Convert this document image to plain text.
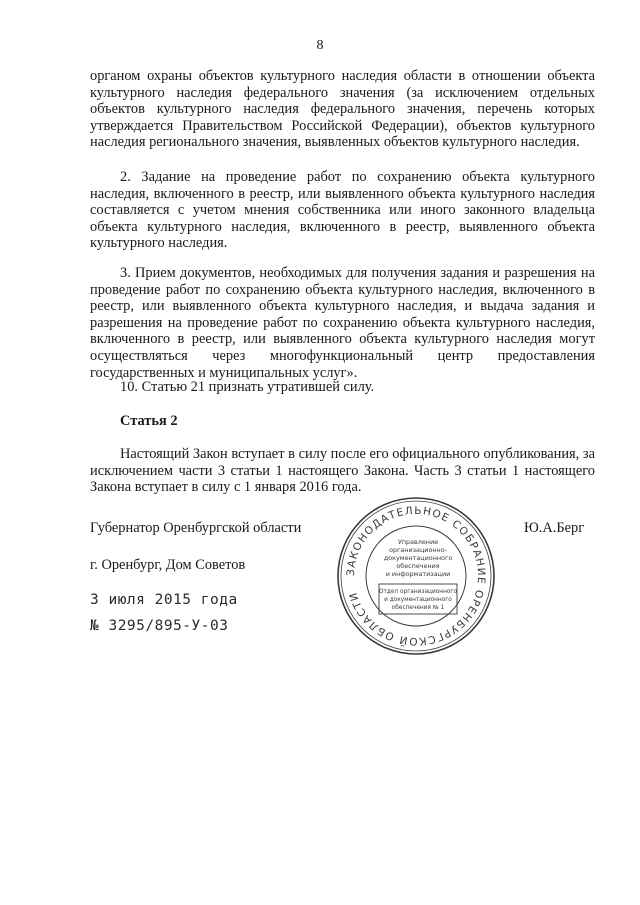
8

органом охраны объектов культурного наследия области в отношении объекта культурного наследия федерального значения (за исключением отдельных объектов культурного наследия федерального значения, перечень которых утверждается Правительством Российской Федерации), объектов культурного наследия регионального значения, выявленных объектов культурного наследия.

2. Задание на проведение работ по сохранению объекта культурного наследия, включенного в реестр, или выявленного объекта культурного наследия составляется с учетом мнения собственника или иного законного владельца объекта культурного наследия, включенного в реестр, выявленного объекта культурного наследия.

3. Прием документов, необходимых для получения задания и разрешения на проведение работ по сохранению объекта культурного наследия, включенного в реестр, или выявленного объекта культурного наследия, и выдача задания и разрешения на проведение работ по сохранению объекта культурного наследия, включенного в реестр, или выявленного объекта культурного наследия могут осуществляться через многофункциональный центр предоставления государственных и муниципальных услуг».

10. Статью 21 признать утратившей силу.

Статья 2

Настоящий Закон вступает в силу после его официального опубликования, за исключением части 3 статьи 1 настоящего Закона. Часть 3 статьи 1 настоящего Закона вступает в силу с 1 января 2016 года.

Губернатор Оренбургской области	Ю.А.Берг
г. Оренбург, Дом Советов
3 июля 2015 года
№ 3295/895-У-03
ЗАКОНОДАТЕЛЬНОЕ СОБРАНИЕ ОРЕНБУРГСКОЙ ОБЛАСТИ
Управление
организационно-
документационного
обеспечения
и информатизации
Отдел организационного
и документационного
обеспечения № 1
